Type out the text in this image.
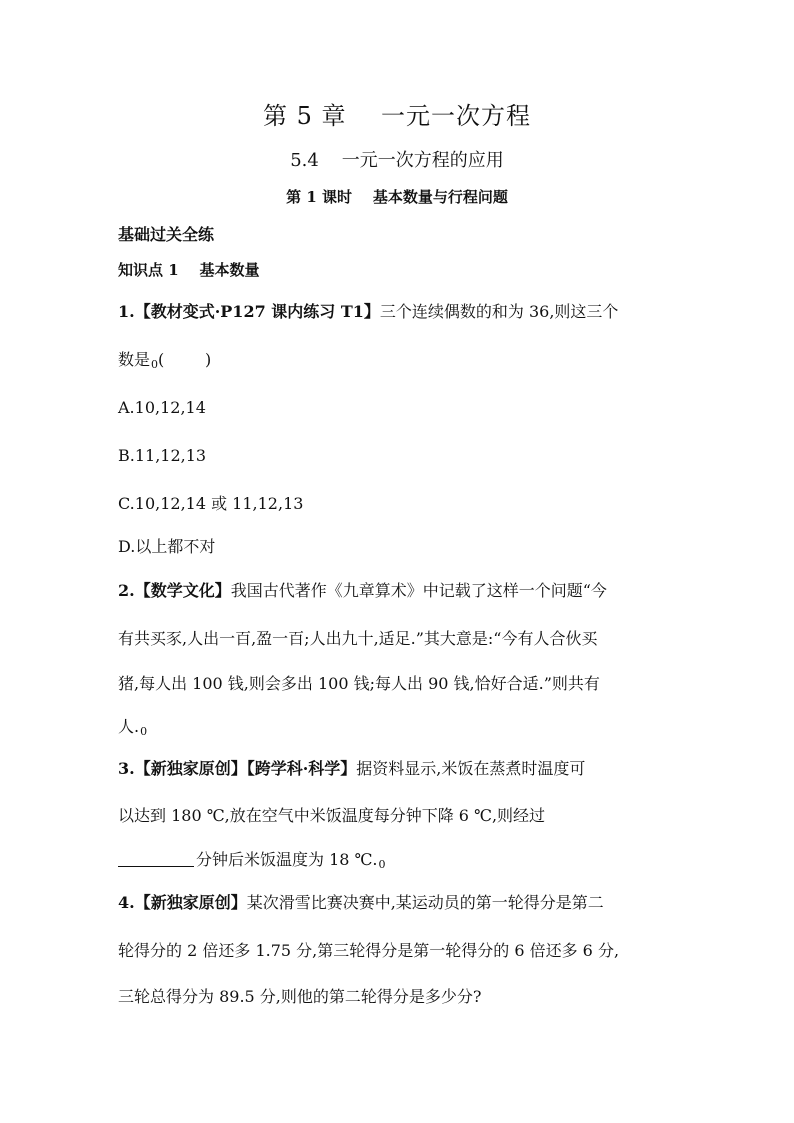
第 5 章    一元一次方程
5.4    一元一次方程的应用
第 1 课时    基本数量与行程问题
基础过关全练
知识点 1    基本数量
1.【教材变式·P127 课内练习 T1】三个连续偶数的和为 36,则这三个
数是0(        )
A.10,12,14
B.11,12,13
C.10,12,14 或 11,12,13
D.以上都不对
2.【数学文化】我国古代著作《九章算术》中记载了这样一个问题“今
有共买豕,人出一百,盈一百;人出九十,适足.”其大意是:“今有人合伙买
猪,每人出 100 钱,则会多出 100 钱;每人出 90 钱,恰好合适.”则共有
人.0
3.【新独家原创】【跨学科·科学】据资料显示,米饭在蒸煮时温度可
以达到 180 ℃,放在空气中米饭温度每分钟下降 6 ℃,则经过
分钟后米饭温度为 18 ℃.0
4.【新独家原创】某次滑雪比赛决赛中,某运动员的第一轮得分是第二
轮得分的 2 倍还多 1.75 分,第三轮得分是第一轮得分的 6 倍还多 6 分,
三轮总得分为 89.5 分,则他的第二轮得分是多少分?
